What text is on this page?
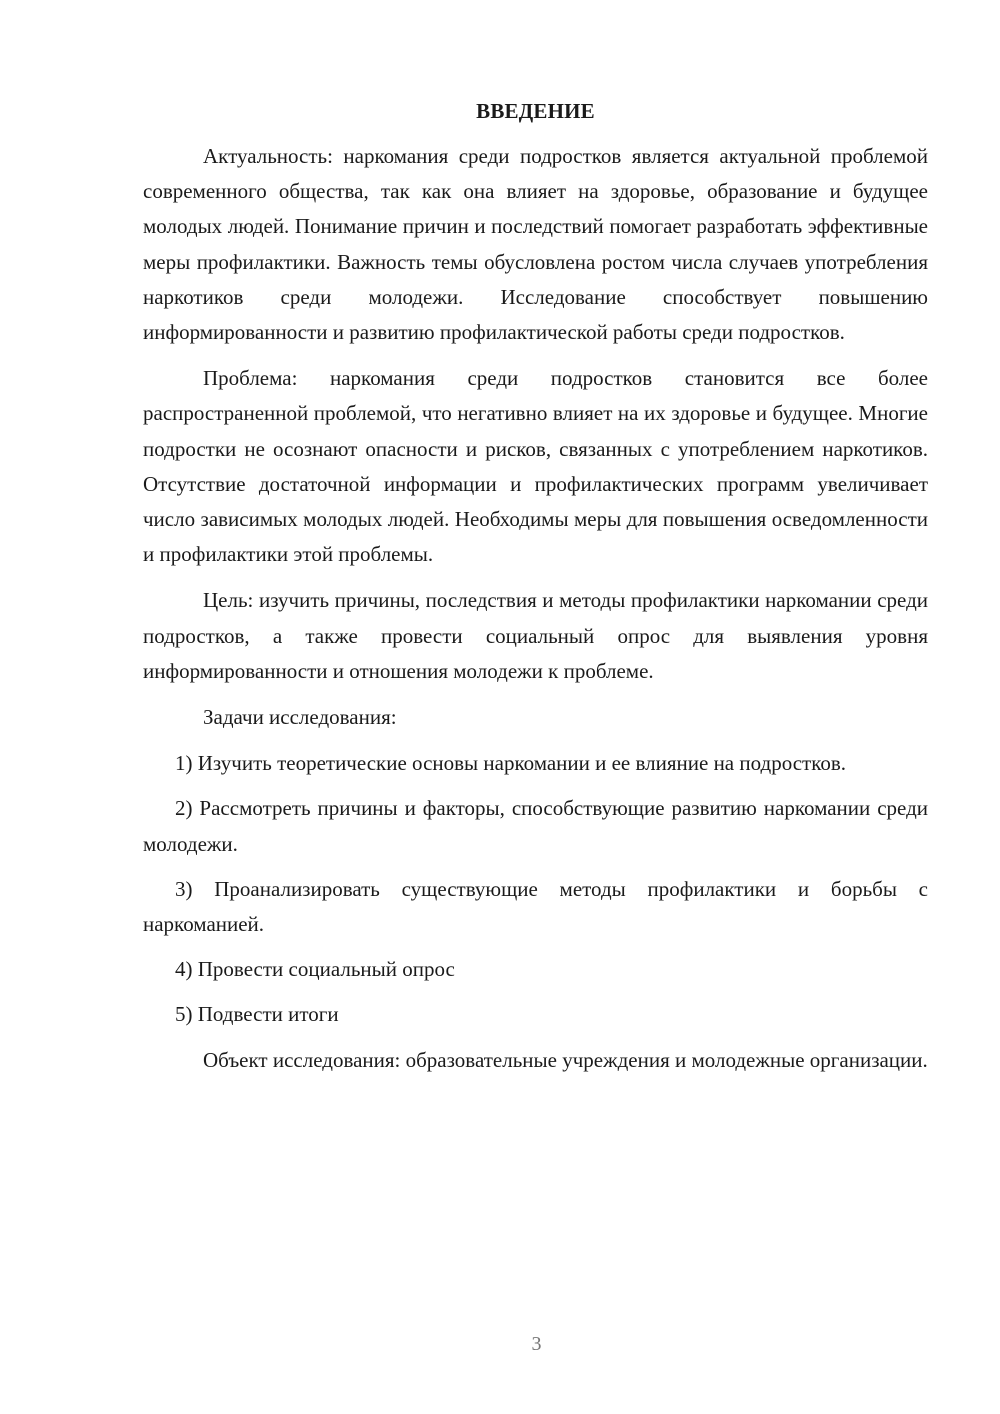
ВВЕДЕНИЕ

Актуальность: наркомания среди подростков является актуальной проблемой современного общества, так как она влияет на здоровье, образование и будущее молодых людей. Понимание причин и последствий помогает разработать эффективные меры профилактики. Важность темы обусловлена ростом числа случаев употребления наркотиков среди молодежи. Исследование способствует повышению информированности и развитию профилактической работы среди подростков.

Проблема: наркомания среди подростков становится все более распространенной проблемой, что негативно влияет на их здоровье и будущее. Многие подростки не осознают опасности и рисков, связанных с употреблением наркотиков. Отсутствие достаточной информации и профилактических программ увеличивает число зависимых молодых людей. Необходимы меры для повышения осведомленности и профилактики этой проблемы.

Цель: изучить причины, последствия и методы профилактики наркомании среди подростков, а также провести социальный опрос для выявления уровня информированности и отношения молодежи к проблеме.

Задачи исследования:

1) Изучить теоретические основы наркомании и ее влияние на подростков.

2) Рассмотреть причины и факторы, способствующие развитию наркомании среди молодежи.

3) Проанализировать существующие методы профилактики и борьбы с наркоманией.

4) Провести социальный опрос

5) Подвести итоги

Объект исследования: образовательные учреждения и молодежные организации.

3
